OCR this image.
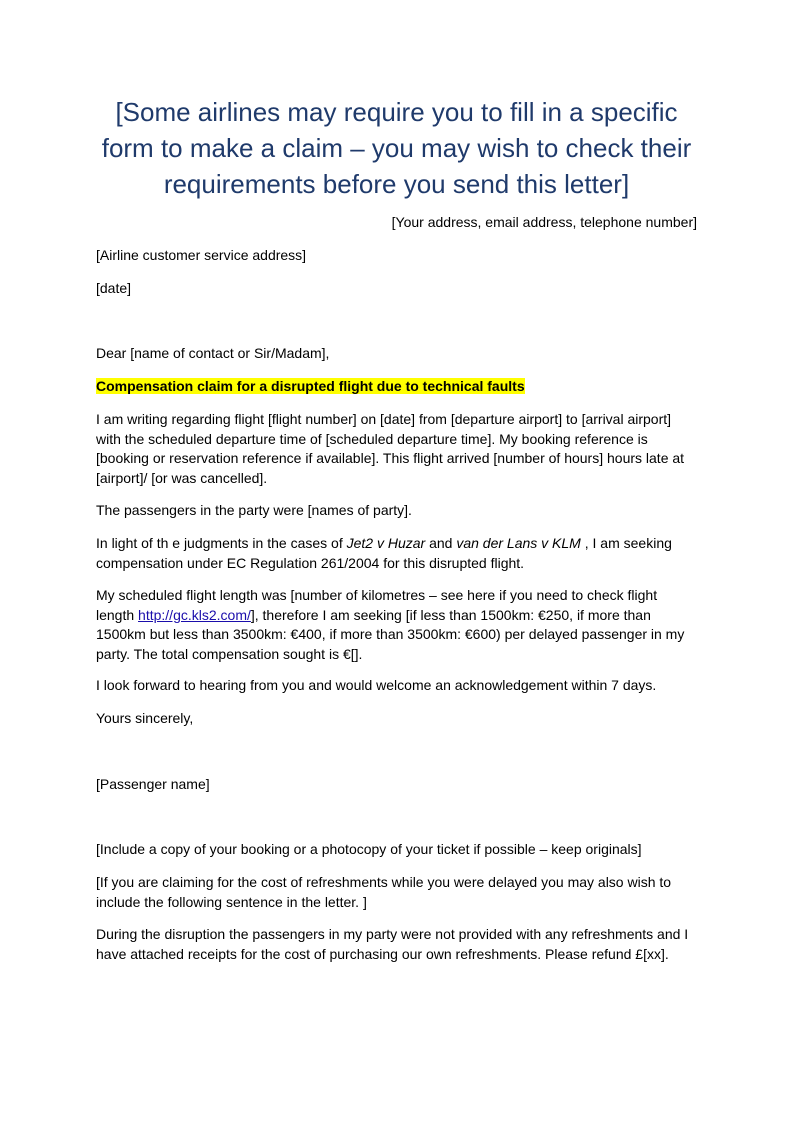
[Some airlines may require you to fill in a specific form to make a claim – you may wish to check their requirements before you send this letter]

[Your address, email address, telephone number]

[Airline customer service address]

[date]

Dear [name of contact or Sir/Madam],

Compensation claim for a disrupted flight due to technical faults

I am writing regarding flight [flight number] on [date] from [departure airport] to [arrival airport] with the scheduled departure time of [scheduled departure time]. My booking reference is [booking or reservation reference if available]. This flight arrived [number of hours] hours late at [airport]/ [or was cancelled].

The passengers in the party were [names of party].

In light of th e judgments in the cases of Jet2 v Huzar and van der Lans v KLM , I am seeking compensation under EC Regulation 261/2004 for this disrupted flight.

My scheduled flight length was [number of kilometres – see here if you need to check flight length http://gc.kls2.com/], therefore I am seeking [if less than 1500km: €250, if more than 1500km but less than 3500km: €400, if more than 3500km: €600) per delayed passenger in my party. The total compensation sought is €[].

I look forward to hearing from you and would welcome an acknowledgement within 7 days.

Yours sincerely,

[Passenger name]

[Include a copy of your booking or a photocopy of your ticket if possible – keep originals]

[If you are claiming for the cost of refreshments while you were delayed you may also wish to include the following sentence in the letter. ]

During the disruption the passengers in my party were not provided with any refreshments and I have attached receipts for the cost of purchasing our own refreshments. Please refund £[xx].
